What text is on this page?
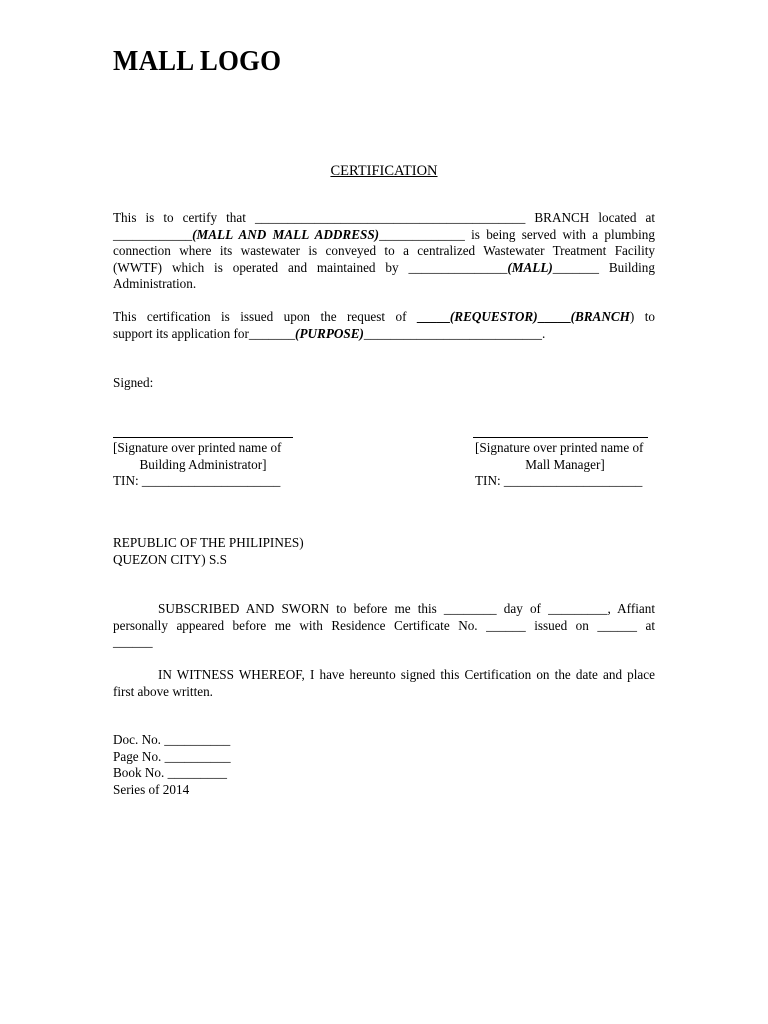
MALL LOGO
CERTIFICATION
This is to certify that _________________________________________ BRANCH located at
____________(MALL AND MALL ADDRESS)_____________ is being served with a plumbing
connection where its wastewater is conveyed to a centralized Wastewater Treatment Facility
(WWTF) which is operated and maintained by _______________(MALL)_______ Building
Administration.
This certification is issued upon the request of _____(REQUESTOR)_____(BRANCH) to
support its application for_______(PURPOSE)___________________________.
Signed:
[Signature over printed name of
Building Administrator]
TIN: _____________________
[Signature over printed name of
Mall Manager]
TIN: _____________________
REPUBLIC OF THE PHILIPINES)
QUEZON CITY) S.S
SUBSCRIBED AND SWORN to before me this ________ day of _________, Affiant
personally appeared before me with Residence Certificate No. ______ issued on ______ at
______
IN WITNESS WHEREOF, I have hereunto signed this Certification on the date and place
first above written.
Doc. No. __________
Page No. __________
Book No. _________
Series of 2014
